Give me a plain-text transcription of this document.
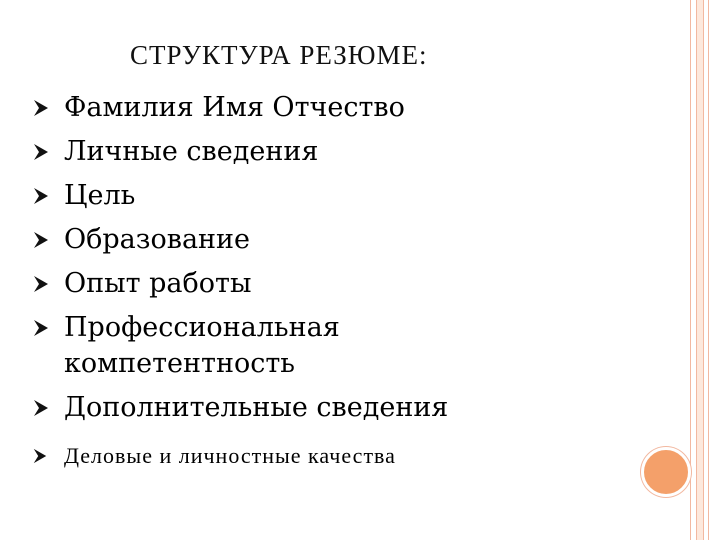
СТРУКТУРА РЕЗЮМЕ:
Фамилия Имя Отчество
Личные сведения
Цель
Образование
Опыт работы
Профессиональная компетентность
Дополнительные сведения
Деловые и личностные качества
